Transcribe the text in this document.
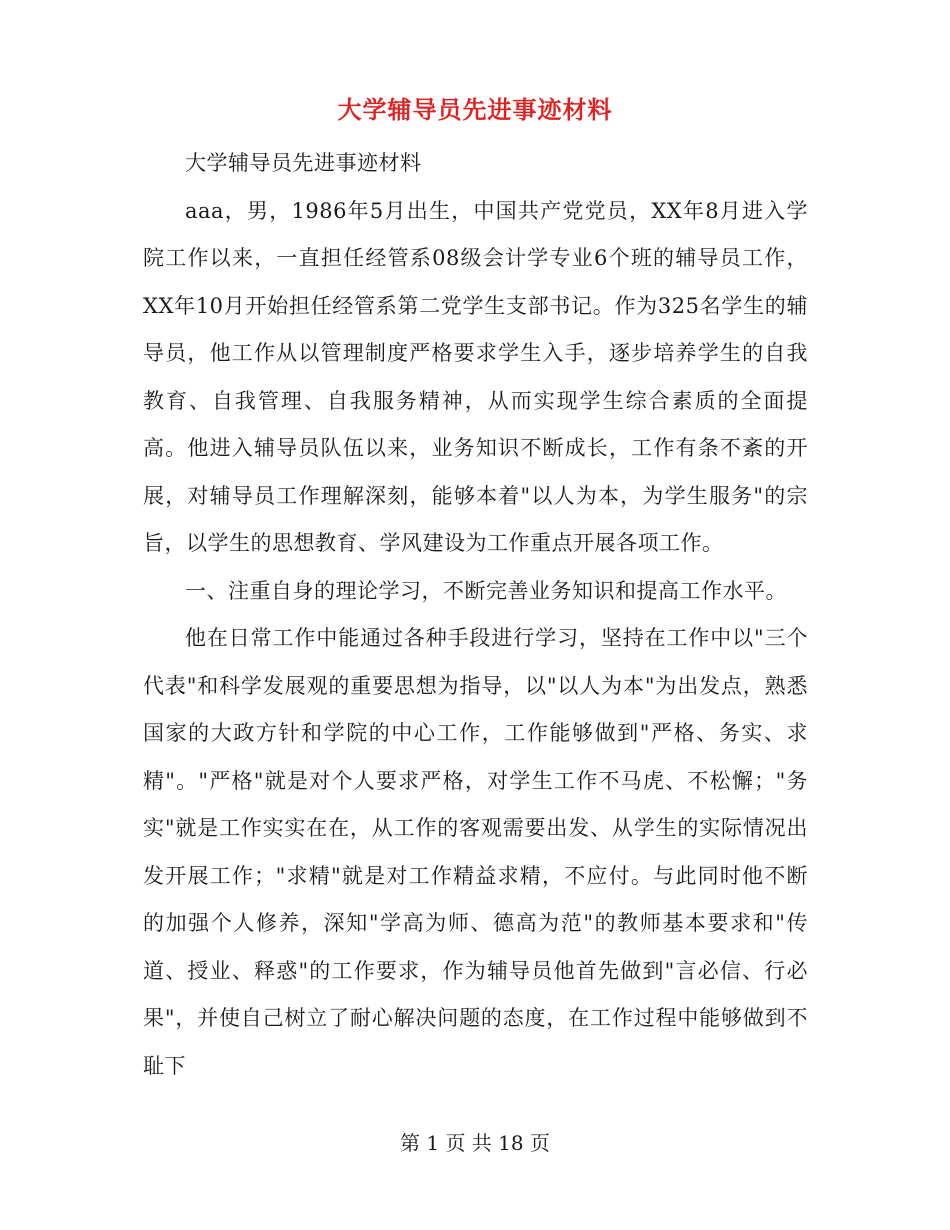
大学辅导员先进事迹材料

大学辅导员先进事迹材料

aaa，男，1986年5月出生，中国共产党党员，XX年8月进入学院工作以来，一直担任经管系08级会计学专业6个班的辅导员工作，XX年10月开始担任经管系第二党学生支部书记。作为325名学生的辅导员，他工作从以管理制度严格要求学生入手，逐步培养学生的自我教育、自我管理、自我服务精神，从而实现学生综合素质的全面提高。他进入辅导员队伍以来，业务知识不断成长，工作有条不紊的开展，对辅导员工作理解深刻，能够本着"以人为本，为学生服务"的宗旨，以学生的思想教育、学风建设为工作重点开展各项工作。

一、注重自身的理论学习，不断完善业务知识和提高工作水平。

他在日常工作中能通过各种手段进行学习，坚持在工作中以"三个代表"和科学发展观的重要思想为指导，以"以人为本"为出发点，熟悉国家的大政方针和学院的中心工作，工作能够做到"严格、务实、求精"。"严格"就是对个人要求严格，对学生工作不马虎、不松懈；"务实"就是工作实实在在，从工作的客观需要出发、从学生的实际情况出发开展工作；"求精"就是对工作精益求精，不应付。与此同时他不断的加强个人修养，深知"学高为师、德高为范"的教师基本要求和"传道、授业、释惑"的工作要求，作为辅导员他首先做到"言必信、行必果"，并使自己树立了耐心解决问题的态度，在工作过程中能够做到不耻下

第 1 页 共 18 页
